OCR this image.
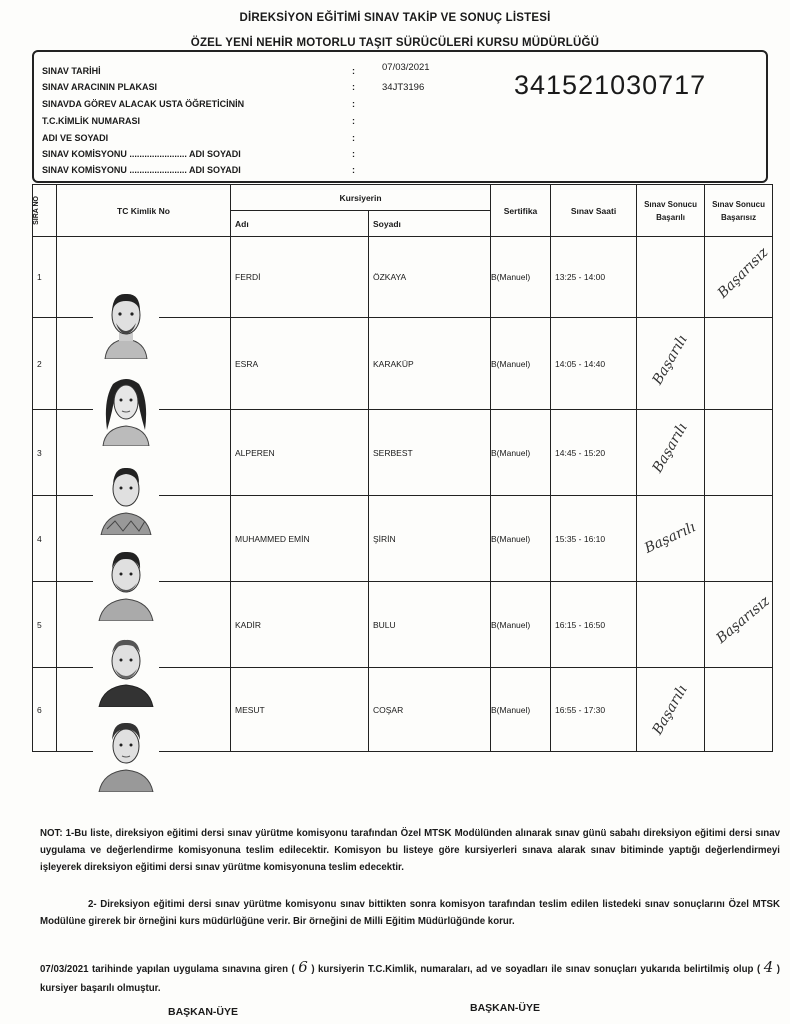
DİREKSİYON EĞİTİMİ SINAV TAKİP VE SONUÇ LİSTESİ
ÖZEL YENİ NEHİR MOTORLU TAŞIT SÜRÜCÜLERİ KURSU MÜDÜRLÜĞÜ
SINAV TARİHİ	:	07/03/2021
SINAV ARACININ PLAKASI	:	34JT3196
SINAVDA GÖREV ALACAK USTA ÖĞRETİCİNİN	:
T.C.KİMLİK NUMARASI	:
ADI VE SOYADI	:
SINAV KOMİSYONU ....................... ADI SOYADI	:
SINAV KOMİSYONU ....................... ADI SOYADI	:
341521030717
SIRA NO	TC Kimlik No	Kursiyerin		Sertifika	Sınav Saati	Sınav Sonucu Başarılı	Sınav Sonucu Başarısız
		Adı	Soyadı				
1		FERDİ	ÖZKAYA	B(Manuel)	13:25 - 14:00		Başarısız

2		ESRA	KARAKÜP	B(Manuel)	14:05 - 14:40	Başarılı	

3		ALPEREN	SERBEST	B(Manuel)	14:45 - 15:20	Başarılı	

4		MUHAMMED EMİN	ŞİRİN	B(Manuel)	15:35 - 16:10	Başarılı	

5		KADİR	BULU	B(Manuel)	16:15 - 16:50		Başarısız

6		MESUT	COŞAR	B(Manuel)	16:55 - 17:30	Başarılı	

NOT: 1-Bu liste, direksiyon eğitimi dersi sınav yürütme komisyonu tarafından Özel MTSK Modülünden alınarak sınav günü sabahı direksiyon eğitimi dersi sınav uygulama ve değerlendirme komisyonuna teslim edilecektir. Komisyon bu listeye göre kursiyerleri sınava alarak sınav bitiminde yaptığı değerlendirmeyi işleyerek direksiyon eğitimi dersi sınav yürütme komisyonuna teslim edecektir.
2- Direksiyon eğitimi dersi sınav yürütme komisyonu sınav bittikten sonra komisyon tarafından teslim edilen listedeki sınav sonuçlarını Özel MTSK Modülüne girerek bir örneğini kurs müdürlüğüne verir. Bir örneğini de Milli Eğitim Müdürlüğünde korur.
07/03/2021 tarihinde yapılan uygulama sınavına giren ( 6 ) kursiyerin T.C.Kimlik, numaraları, ad ve soyadları ile sınav sonuçları yukarıda belirtilmiş olup ( 4 ) kursiyer başarılı olmuştur.
BAŞKAN-ÜYE	BAŞKAN-ÜYE
